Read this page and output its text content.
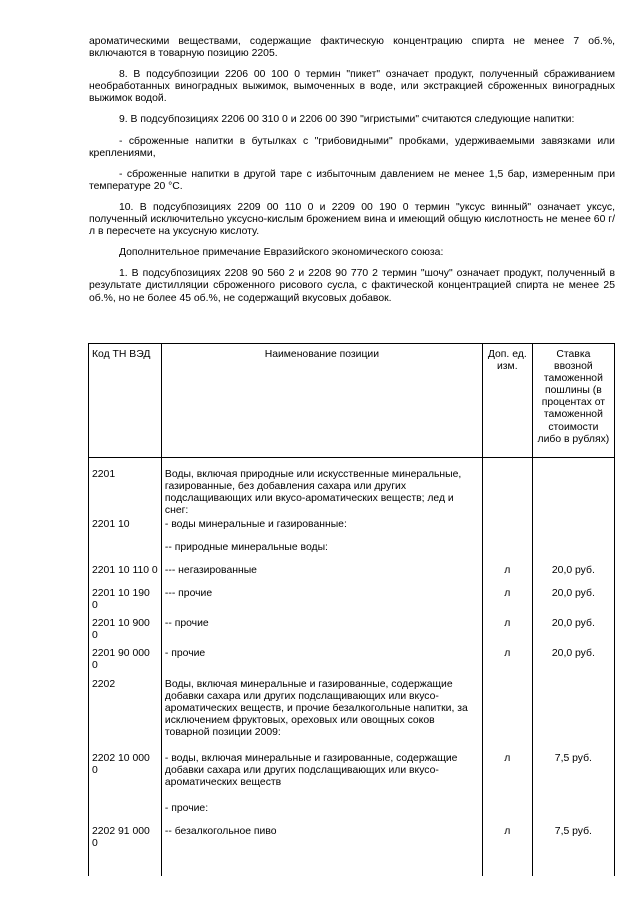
ароматическими веществами, содержащие фактическую концентрацию спирта не менее 7 об.%, включаются в товарную позицию 2205.

8. В подсубпозиции 2206 00 100 0 термин "пикет" означает продукт, полученный сбраживанием необработанных виноградных выжимок, вымоченных в воде, или экстракцией сброженных виноградных выжимок водой.

9. В подсубпозициях 2206 00 310 0 и 2206 00 390 "игристыми" считаются следующие напитки:

- сброженные напитки в бутылках с "грибовидными" пробками, удерживаемыми завязками или креплениями,

- сброженные напитки в другой таре с избыточным давлением не менее 1,5 бар, измеренным при температуре 20 °С.

10. В подсубпозициях 2209 00 110 0 и 2209 00 190 0 термин "уксус винный" означает уксус, полученный исключительно уксусно-кислым брожением вина и имеющий общую кислотность не менее 60 г/л в пересчете на уксусную кислоту.

Дополнительное примечание Евразийского экономического союза:

1. В подсубпозициях 2208 90 560 2 и 2208 90 770 2 термин "шочу" означает продукт, полученный в результате дистилляции сброженного рисового сусла, с фактической концентрацией спирта не менее 25 об.%, но не более 45 об.%, не содержащий вкусовых добавок.

Код ТН ВЭД	Наименование позиции	Доп. ед. изм.	Ставка ввозной таможенной пошлины (в процентах от таможенной стоимости либо в рублях)
2201	Воды, включая природные или искусственные минеральные, газированные, без добавления сахара или других подслащивающих или вкусо-ароматических веществ; лед и снег:		
2201 10	- воды минеральные и газированные:		
	-- природные минеральные воды:		
2201 10 110 0	--- негазированные	л	20,0 руб.
2201 10 190 0	--- прочие	л	20,0 руб.
2201 10 900 0	-- прочие	л	20,0 руб.
2201 90 000 0	- прочие	л	20,0 руб.
2202	Воды, включая минеральные и газированные, содержащие добавки сахара или других подслащивающих или вкусо-ароматических веществ, и прочие безалкогольные напитки, за исключением фруктовых, ореховых или овощных соков товарной позиции 2009:		
2202 10 000 0	- воды, включая минеральные и газированные, содержащие добавки сахара или других подслащивающих или вкусо-ароматических веществ	л	7,5 руб.
	- прочие:		
2202 91 000 0	-- безалкогольное пиво	л	7,5 руб.
